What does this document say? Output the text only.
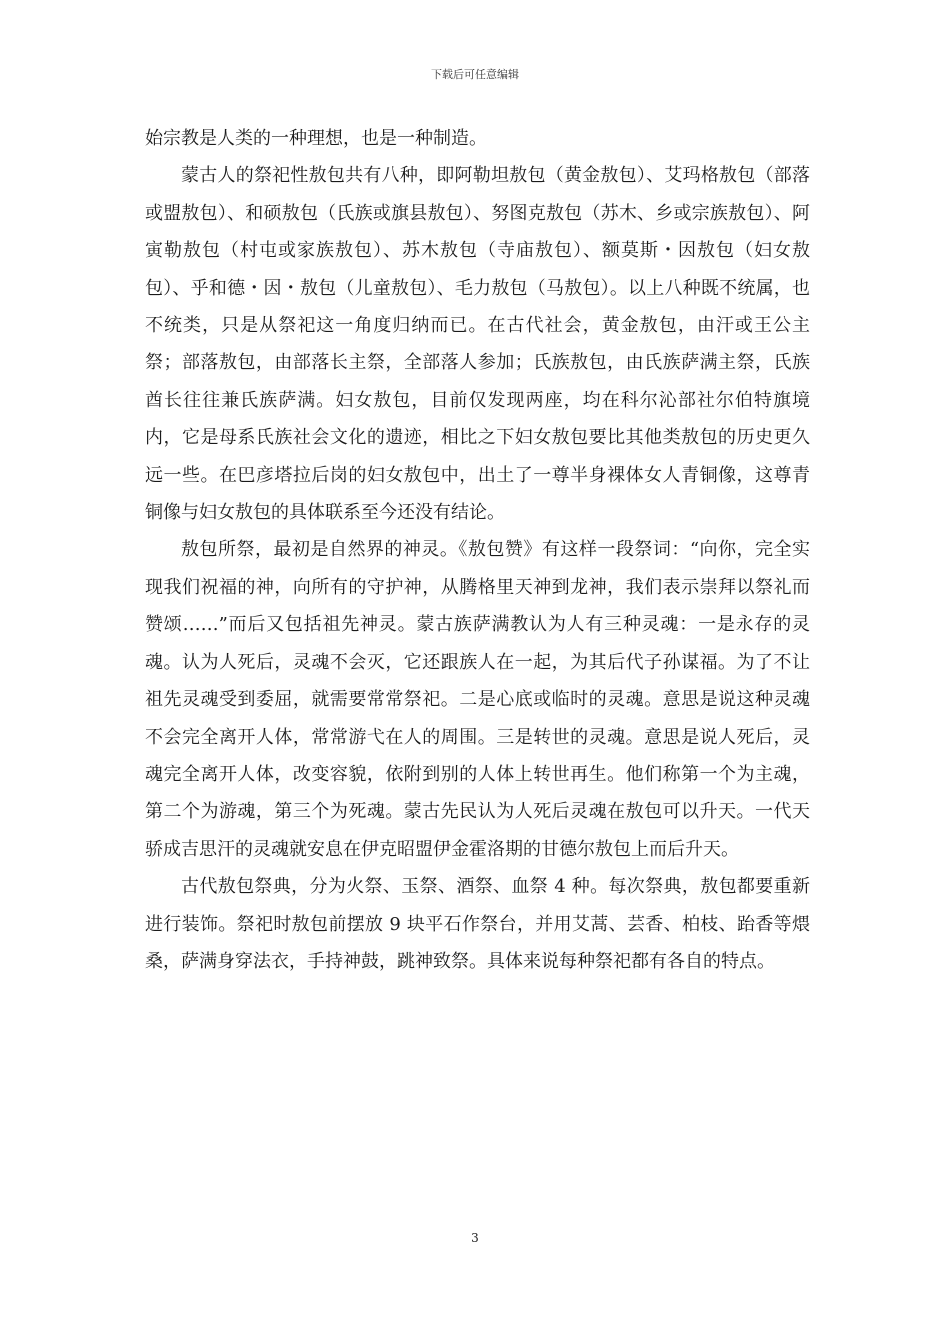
下载后可任意编辑

始宗教是人类的一种理想，也是一种制造。

蒙古人的祭祀性敖包共有八种，即阿勒坦敖包（黄金敖包）、艾玛格敖包（部落或盟敖包）、和硕敖包（氏族或旗县敖包）、努图克敖包（苏木、乡或宗族敖包）、阿寅勒敖包（村屯或家族敖包）、苏木敖包（寺庙敖包）、额莫斯・因敖包（妇女敖包）、乎和德・因・敖包（儿童敖包）、毛力敖包（马敖包）。以上八种既不统属，也不统类，只是从祭祀这一角度归纳而已。在古代社会，黄金敖包，由汗或王公主祭；部落敖包，由部落长主祭，全部落人参加；氏族敖包，由氏族萨满主祭，氏族酋长往往兼氏族萨满。妇女敖包，目前仅发现两座，均在科尔沁部社尔伯特旗境内，它是母系氏族社会文化的遗迹，相比之下妇女敖包要比其他类敖包的历史更久远一些。在巴彦塔拉后岗的妇女敖包中，出土了一尊半身裸体女人青铜像，这尊青铜像与妇女敖包的具体联系至今还没有结论。

敖包所祭，最初是自然界的神灵。《敖包赞》有这样一段祭词：“向你，完全实现我们祝福的神，向所有的守护神，从腾格里天神到龙神，我们表示崇拜以祭礼而赞颂……”而后又包括祖先神灵。蒙古族萨满教认为人有三种灵魂：一是永存的灵魂。认为人死后，灵魂不会灭，它还跟族人在一起，为其后代子孙谋福。为了不让祖先灵魂受到委屈，就需要常常祭祀。二是心底或临时的灵魂。意思是说这种灵魂不会完全离开人体，常常游弋在人的周围。三是转世的灵魂。意思是说人死后，灵魂完全离开人体，改变容貌，依附到别的人体上转世再生。他们称第一个为主魂，第二个为游魂，第三个为死魂。蒙古先民认为人死后灵魂在敖包可以升天。一代天骄成吉思汗的灵魂就安息在伊克昭盟伊金霍洛期的甘德尔敖包上而后升天。

古代敖包祭典，分为火祭、玉祭、酒祭、血祭 4 种。每次祭典，敖包都要重新进行装饰。祭祀时敖包前摆放 9 块平石作祭台，并用艾蒿、芸香、柏枝、跆香等煨桑，萨满身穿法衣，手持神鼓，跳神致祭。具体来说每种祭祀都有各自的特点。

3
